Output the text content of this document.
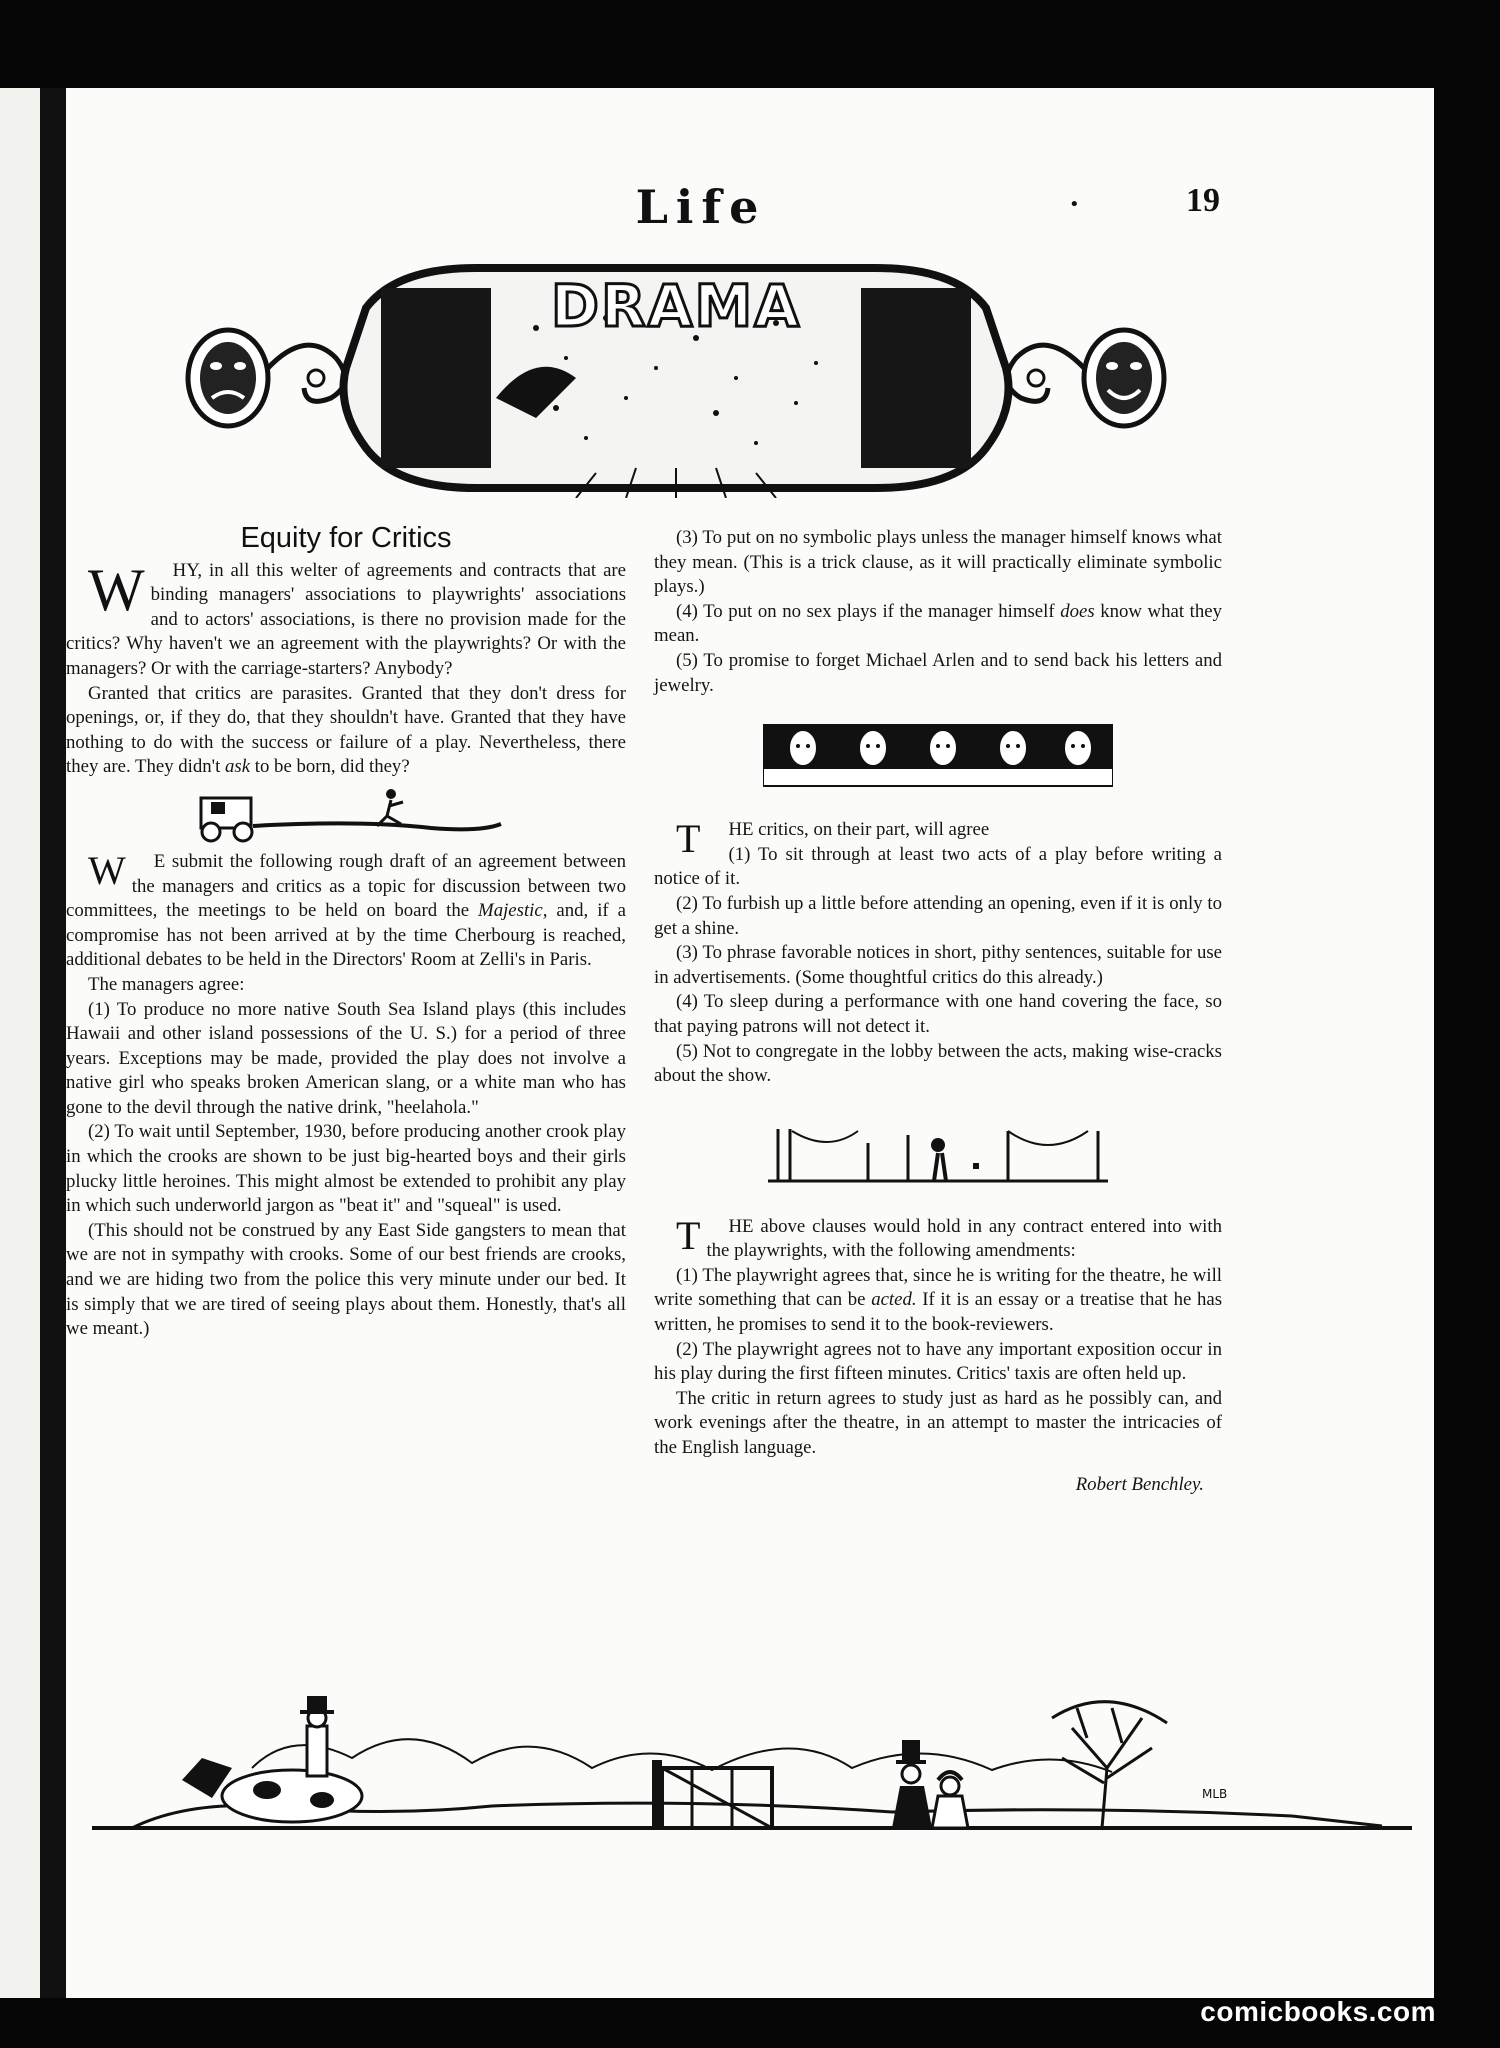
Life	•	19
DRAMA
Equity for Critics

W	HY, in all this welter of agreements and contracts that are binding managers' associations to playwrights' associations and to actors' associations, is there no provision made for the critics? Why haven't we an agreement with the playwrights? Or with the managers? Or with the carriage-starters? Anybody?

Granted that critics are parasites. Granted that they don't dress for openings, or, if they do, that they shouldn't have. Granted that they have nothing to do with the success or failure of a play. Nevertheless, there they are. They didn't ask to be born, did they?

W	E submit the following rough draft of an agreement between the managers and critics as a topic for discussion between two committees, the meetings to be held on board the Majestic, and, if a compromise has not been arrived at by the time Cherbourg is reached, additional debates to be held in the Directors' Room at Zelli's in Paris.

The managers agree:

(1) To produce no more native South Sea Island plays (this includes Hawaii and other island possessions of the U. S.) for a period of three years. Exceptions may be made, provided the play does not involve a native girl who speaks broken American slang, or a white man who has gone to the devil through the native drink, "heelahola."

(2) To wait until September, 1930, before producing another crook play in which the crooks are shown to be just big-hearted boys and their girls plucky little heroines. This might almost be extended to prohibit any play in which such underworld jargon as "beat it" and "squeal" is used.

(This should not be construed by any East Side gangsters to mean that we are not in sympathy with crooks. Some of our best friends are crooks, and we are hiding two from the police this very minute under our bed. It is simply that we are tired of seeing plays about them. Honestly, that's all we meant.)

(3) To put on no symbolic plays unless the manager himself knows what they mean. (This is a trick clause, as it will practically eliminate symbolic plays.)

(4) To put on no sex plays if the manager himself does know what they mean.

(5) To promise to forget Michael Arlen and to send back his letters and jewelry.

T	HE critics, on their part, will agree

(1) To sit through at least two acts of a play before writing a notice of it.

(2) To furbish up a little before attending an opening, even if it is only to get a shine.

(3) To phrase favorable notices in short, pithy sentences, suitable for use in advertisements. (Some thoughtful critics do this already.)

(4) To sleep during a performance with one hand covering the face, so that paying patrons will not detect it.

(5) Not to congregate in the lobby between the acts, making wise-cracks about the show.

T	HE above clauses would hold in any contract entered into with the playwrights, with the following amendments:

(1) The playwright agrees that, since he is writing for the theatre, he will write something that can be acted. If it is an essay or a treatise that he has written, he promises to send it to the book-reviewers.

(2) The playwright agrees not to have any important exposition occur in his play during the first fifteen minutes. Critics' taxis are often held up.

The critic in return agrees to study just as hard as he possibly can, and work evenings after the theatre, in an attempt to master the intricacies of the English language.

Robert Benchley.
MLB
comicbooks.com
